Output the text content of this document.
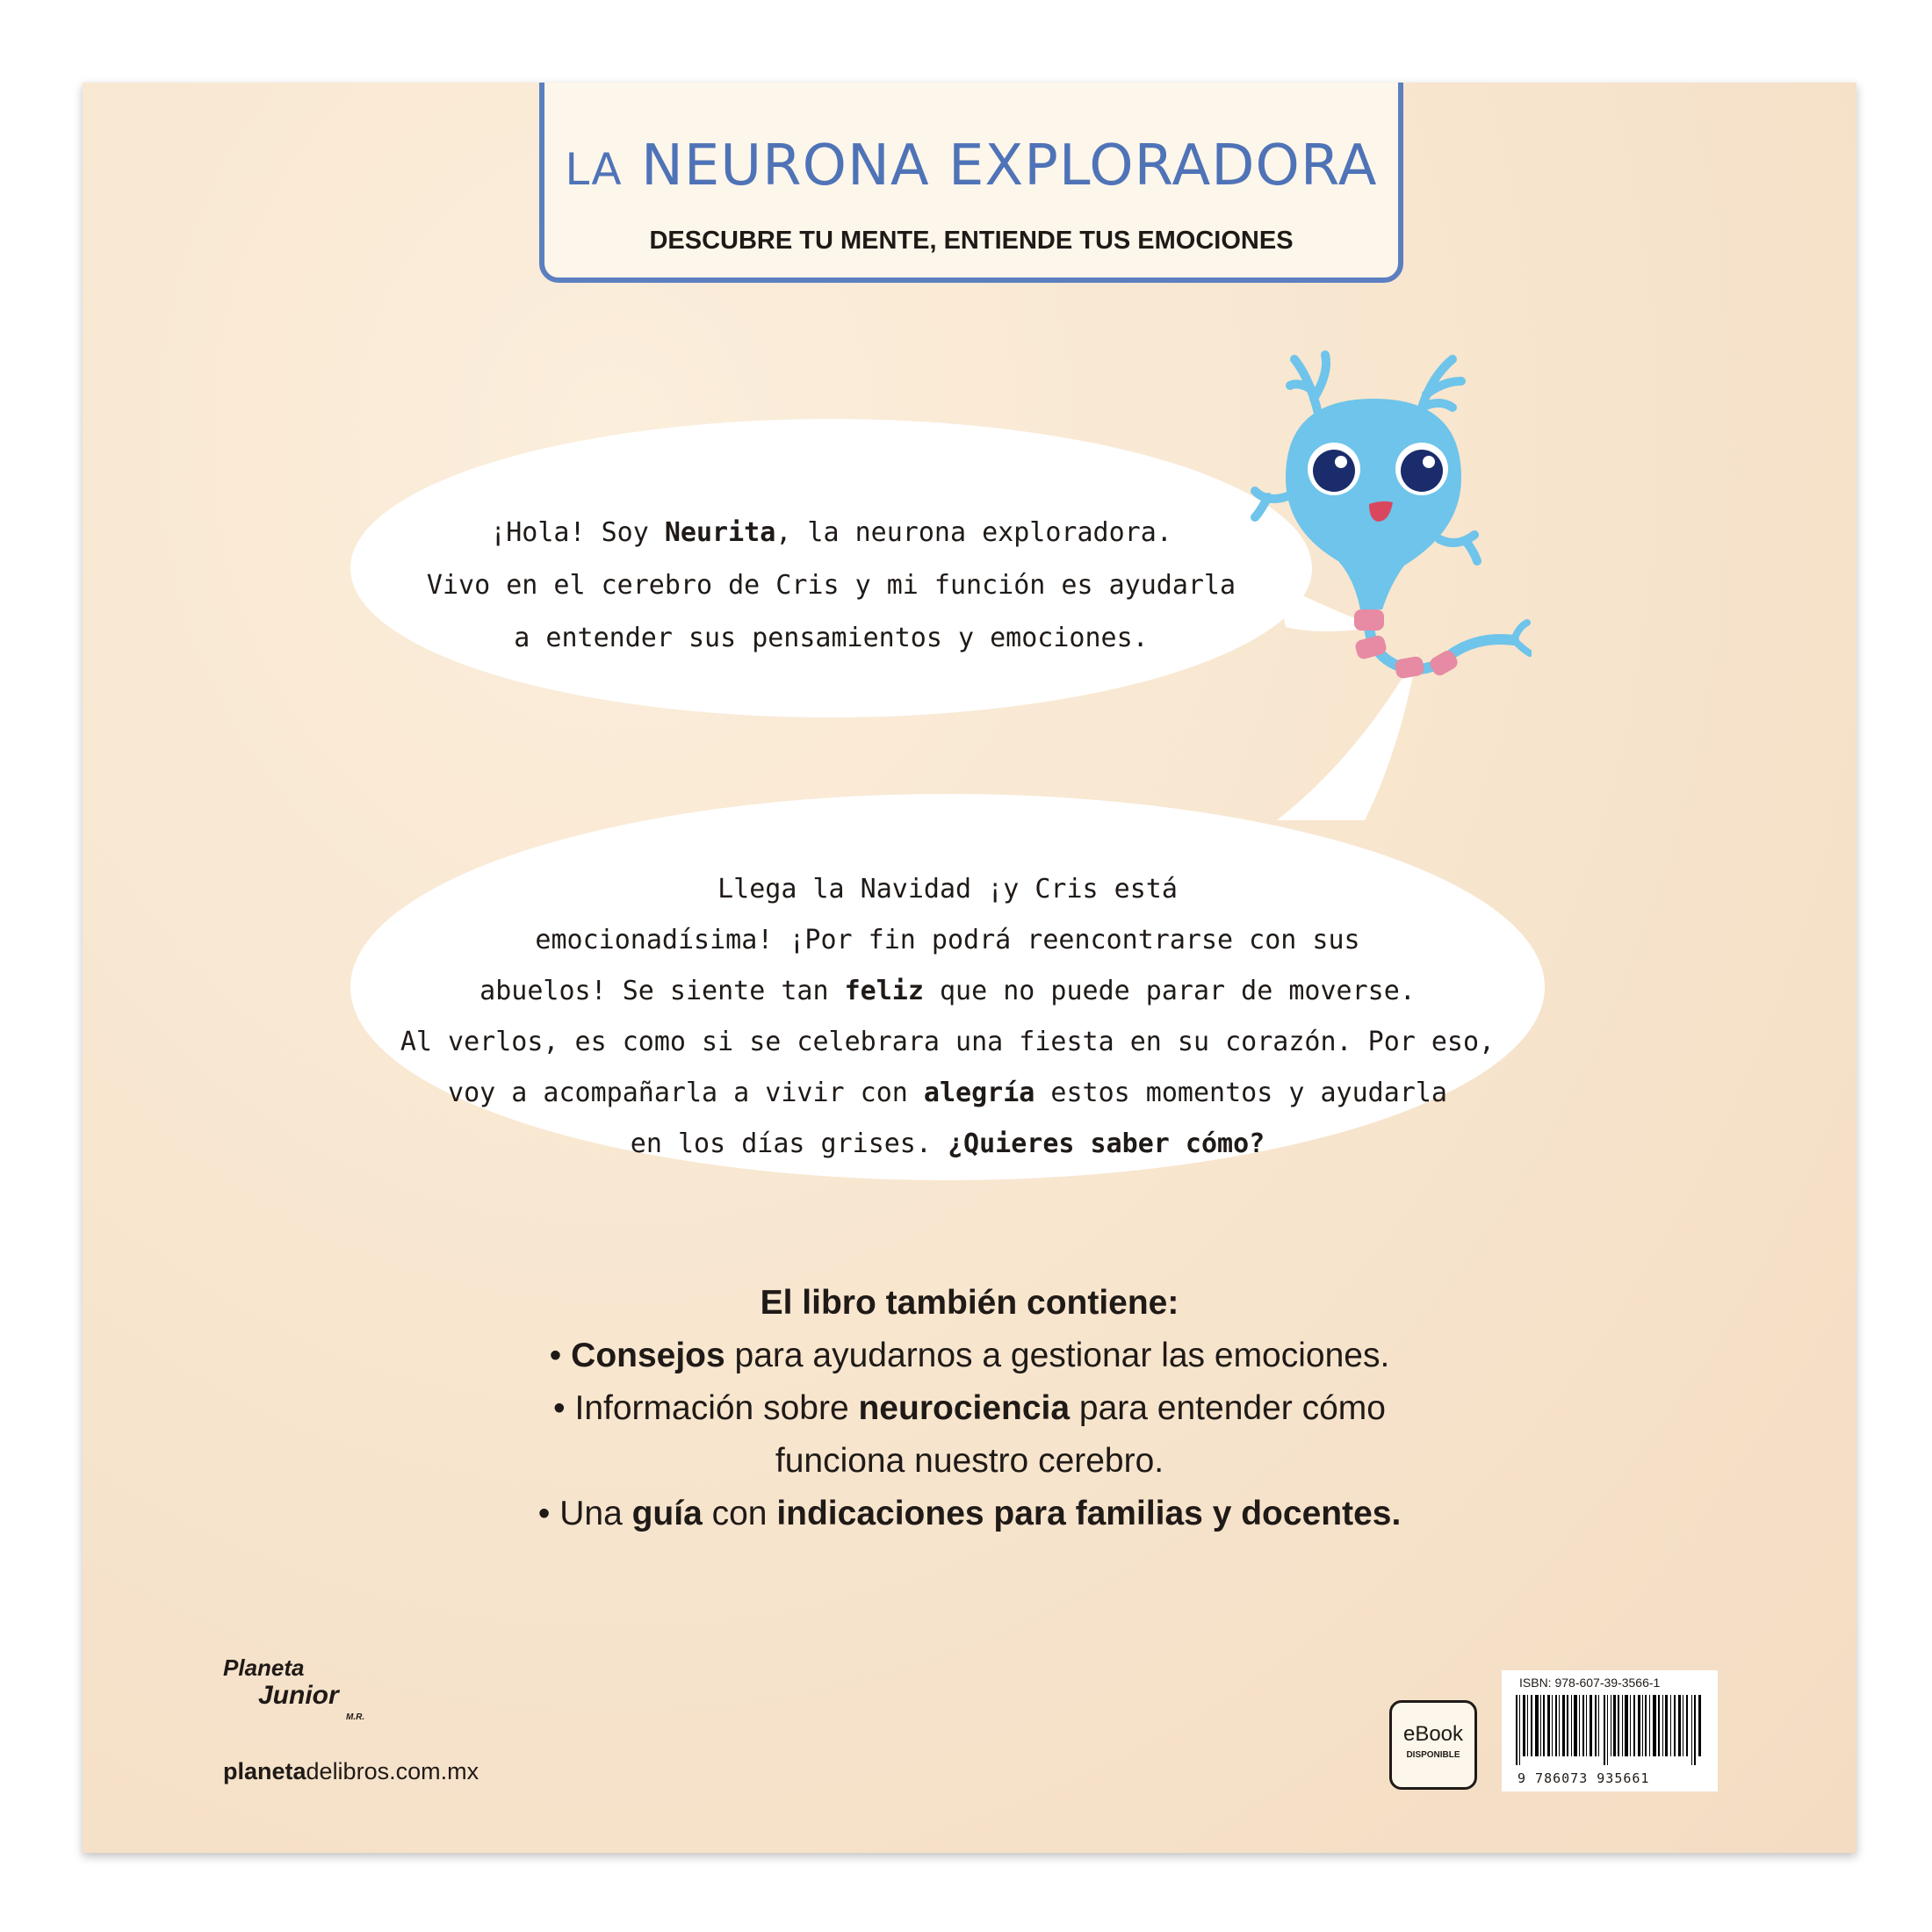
LA NEURONA EXPLORADORA
DESCUBRE TU MENTE, ENTIENDE TUS EMOCIONES
¡Hola! Soy Neurita, la neurona exploradora.
Vivo en el cerebro de Cris y mi función es ayudarla
a entender sus pensamientos y emociones.
Llega la Navidad ¡y Cris está
emocionadísima! ¡Por fin podrá reencontrarse con sus
abuelos! Se siente tan feliz que no puede parar de moverse.
Al verlos, es como si se celebrara una fiesta en su corazón. Por eso,
voy a acompañarla a vivir con alegría estos momentos y ayudarla
en los días grises. ¿Quieres saber cómo?
El libro también contiene:
• Consejos para ayudarnos a gestionar las emociones.
• Información sobre neurociencia para entender cómo
funciona nuestro cerebro.
• Una guía con indicaciones para familias y docentes.
Planeta
Junior
M.R.
planetadelibros.com.mx
eBook
DISPONIBLE
ISBN: 978-607-39-3566-1
9 786073 935661
